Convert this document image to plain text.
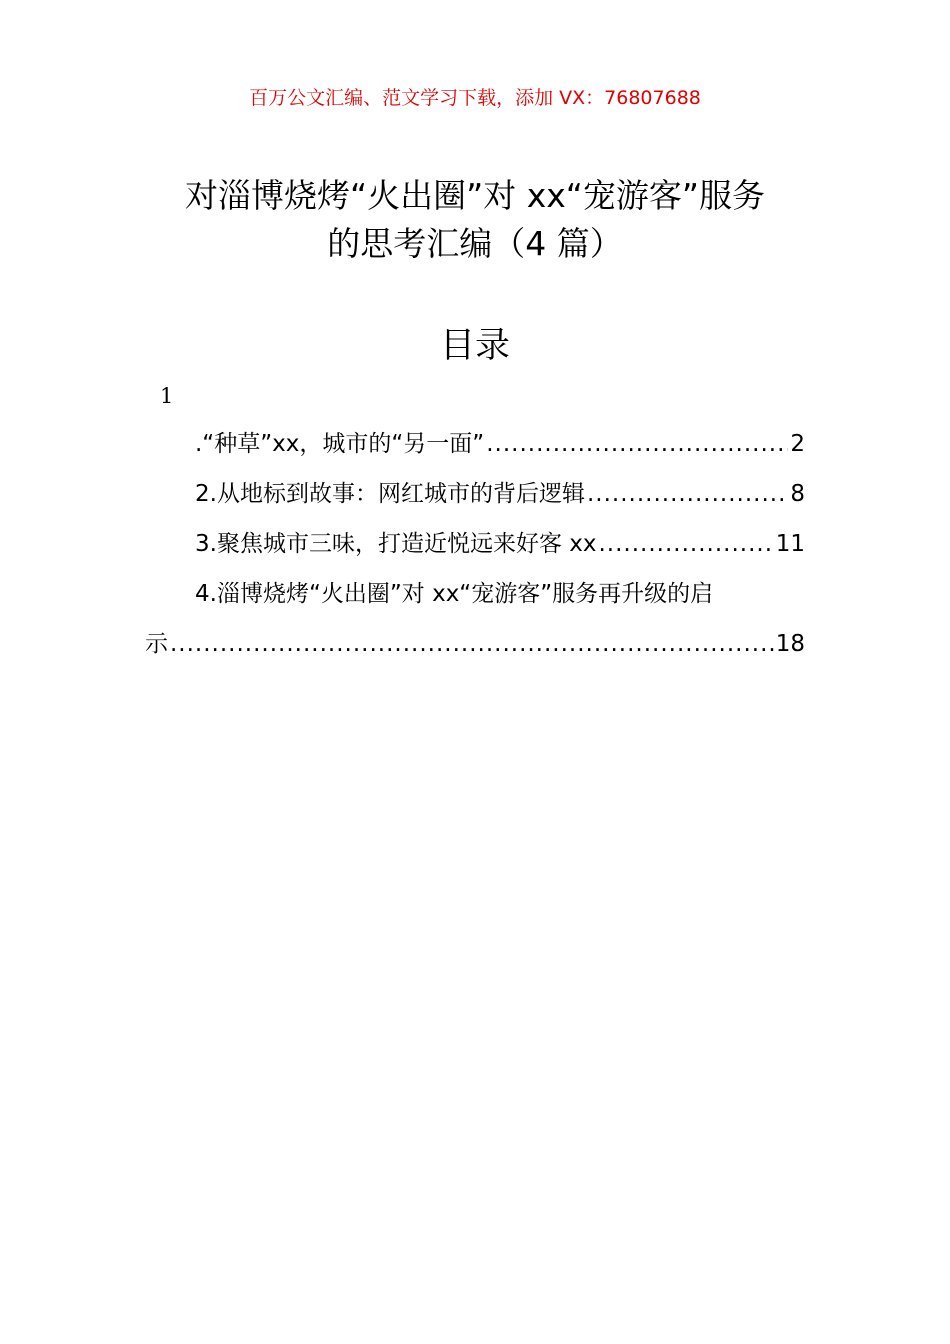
百万公文汇编、范文学习下载，添加 VX：76807688
对淄博烧烤“火出圈”对 xx“宠游客”服务
的思考汇编（4 篇）
目录
1
.“种草”xx，城市的“另一面” .....	2
2.从地标到故事：网红城市的背后逻辑 .....	8
3.聚焦城市三味，打造近悦远来好客 xx .....	11
4.淄博烧烤“火出圈”对 xx“宠游客”服务再升级的启
示 .....	18
